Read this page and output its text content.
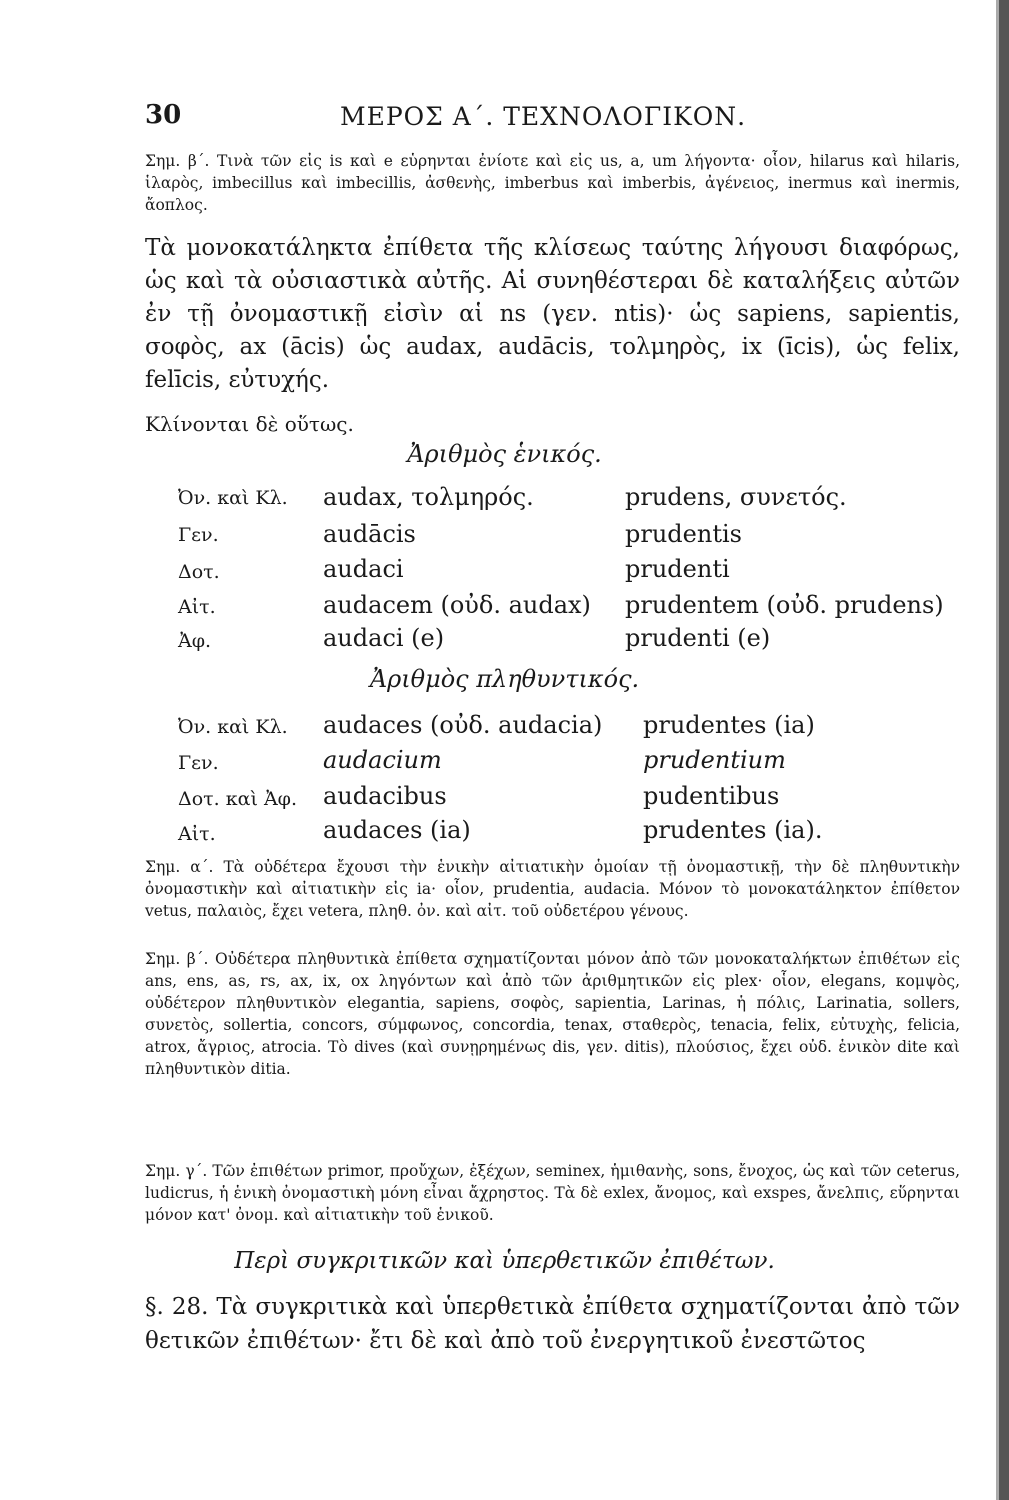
30	ΜΕΡΟΣ Α΄. ΤΕΧΝΟΛΟΓΙΚΟΝ.
Σημ. β΄. Τινὰ τῶν εἰς is καὶ e εὑρηνται ἐνίοτε καὶ εἰς us, a, um λήγοντα· οἷον, hilarus καὶ hilaris, ἱλαρὸς, imbecillus καὶ imbecillis, ἀσθενὴς, imberbus καὶ imberbis, ἀγένειος, inermus καὶ inermis, ἄοπλος.
Τὰ μονοκατάληκτα ἐπίθετα τῆς κλίσεως ταύτης λήγουσι διαφόρως, ὡς καὶ τὰ οὐσιαστικὰ αὐτῆς. Αἱ συνηθέστεραι δὲ καταλήξεις αὐτῶν ἐν τῇ ὀνομαστικῇ εἰσὶν αἱ ns (γεν. ntis)· ὡς sapiens, sapientis, σοφὸς, ax (ācis) ὡς audax, audācis, τολμηρὸς, ix (īcis), ὡς felix, felīcis, εὐτυχής.
Κλίνονται δὲ οὕτως.
Ἀριθμὸς ἑνικός.
Ὀν. καὶ Κλ. audax, τολμηρός.	prudens, συνετός.
Γεν.	audācis	prudentis
Δοτ.	audaci	prudenti
Αἰτ.	audacem (οὐδ. audax) prudentem (οὐδ. prudens)
Ἀφ.	audaci (e)	prudenti (e)
Ἀριθμὸς πληθυντικός.
Ὀν. καὶ Κλ. audaces (οὐδ. audacia) prudentes (ia)
Γεν.	audacium	prudentium
Δοτ. καὶ Ἀφ. audacibus	pudentibus
Αἰτ.	audaces (ia)	prudentes (ia).
Σημ. α΄. Τὰ οὐδέτερα ἔχουσι τὴν ἑνικὴν αἰτιατικὴν ὁμοίαν τῇ ὀνομαστικῇ, τὴν δὲ πληθυντικὴν ὀνομαστικὴν καὶ αἰτιατικὴν εἰς ia· οἷον, prudentia, audacia. Μόνον τὸ μονοκατάληκτον ἐπίθετον vetus, παλαιὸς, ἔχει vetera, πληθ. ὀν. καὶ αἰτ. τοῦ οὐδετέρου γένους.
Σημ. β΄. Οὐδέτερα πληθυντικὰ ἐπίθετα σχηματίζονται μόνον ἀπὸ τῶν μονοκαταλήκτων ἐπιθέτων εἰς ans, ens, as, rs, ax, ix, ox ληγόντων καὶ ἀπὸ τῶν ἀριθμητικῶν εἰς plex· οἷον, elegans, κομψὸς, οὐδέτερον πληθυντικὸν elegantia, sapiens, σοφὸς, sapientia, Larinas, ἡ πόλις, Larinatia, sollers, συνετὸς, sollertia, concors, σύμφωνος, concordia, tenax, σταθερὸς, tenacia, felix, εὐτυχὴς, felicia, atrox, ἄγριος, atrocia. Τὸ dives (καὶ συνῃρημένως dis, γεν. ditis), πλούσιος, ἔχει οὐδ. ἑνικὸν dite καὶ πληθυντικὸν ditia.
Σημ. γ΄. Τῶν ἐπιθέτων primor, προὔχων, ἐξέχων, seminex, ἡμιθανὴς, sons, ἔνοχος, ὡς καὶ τῶν ceterus, ludicrus, ἡ ἑνικὴ ὀνομαστικὴ μόνη εἶναι ἄχρηστος. Τὰ δὲ exlex, ἄνομος, καὶ exspes, ἄνελπις, εὕρηνται μόνον κατ' ὀνομ. καὶ αἰτιατικὴν τοῦ ἑνικοῦ.
Περὶ συγκριτικῶν καὶ ὑπερθετικῶν ἐπιθέτων.
§. 28. Τὰ συγκριτικὰ καὶ ὑπερθετικὰ ἐπίθετα σχηματίζονται ἀπὸ τῶν θετικῶν ἐπιθέτων· ἔτι δὲ καὶ ἀπὸ τοῦ ἐνεργητικοῦ ἐνεστῶτος
